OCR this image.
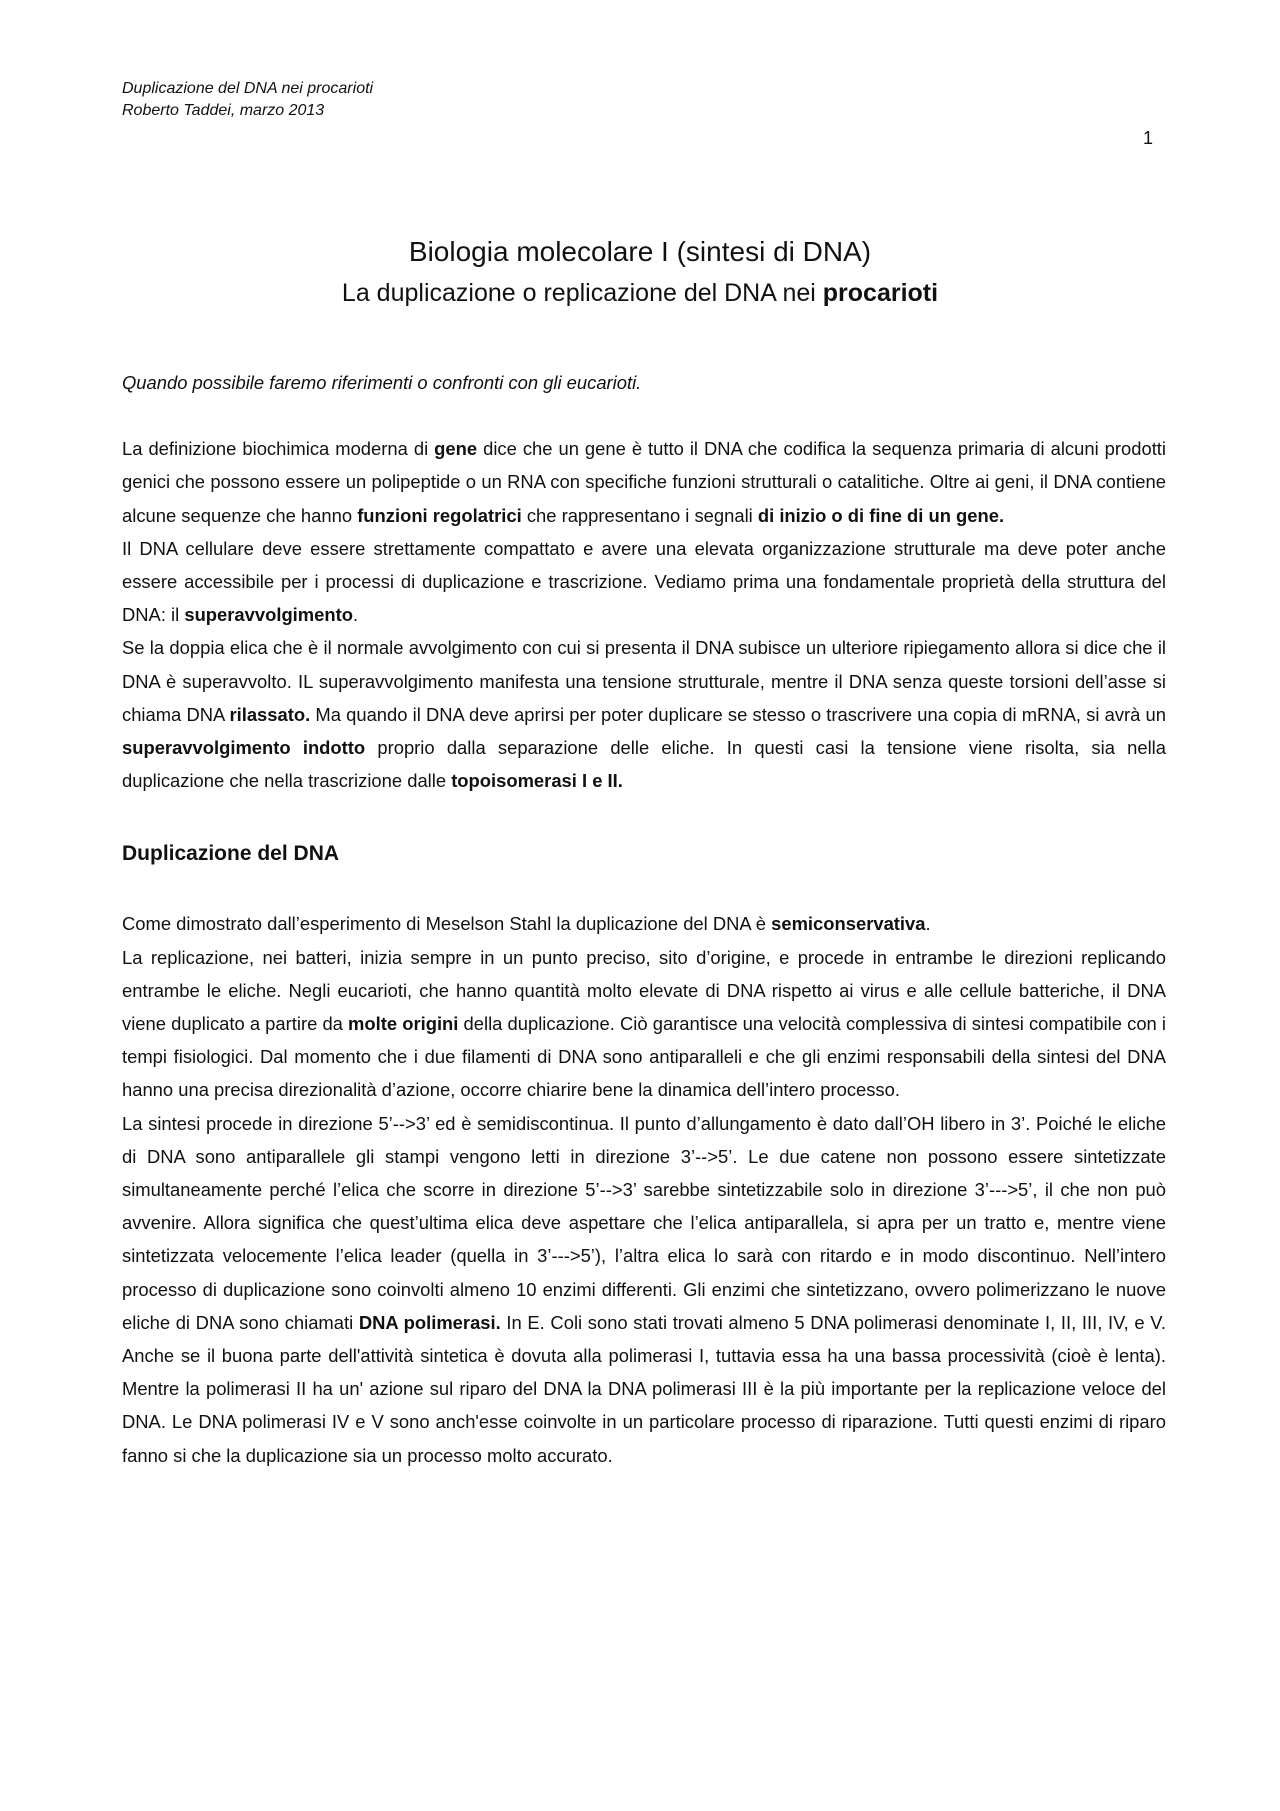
Duplicazione del DNA nei procarioti
Roberto Taddei, marzo 2013
1
Biologia molecolare I (sintesi di DNA)
La duplicazione o replicazione del DNA nei procarioti

Quando possibile faremo riferimenti o confronti con gli eucarioti.

La definizione biochimica moderna di gene dice che un gene è tutto il DNA che codifica la sequenza primaria di alcuni prodotti genici che possono essere un polipeptide o un RNA con specifiche funzioni strutturali o catalitiche. Oltre ai geni, il DNA contiene alcune sequenze che hanno funzioni regolatrici che rappresentano i segnali di inizio o di fine di un gene.

Il DNA cellulare deve essere strettamente compattato e avere una elevata organizzazione strutturale ma deve poter anche essere accessibile per i processi di duplicazione e trascrizione. Vediamo prima una fondamentale proprietà della struttura del DNA: il superavvolgimento.

Se la doppia elica che è il normale avvolgimento con cui si presenta il DNA subisce un ulteriore ripiegamento allora si dice che il DNA è superavvolto. IL superavvolgimento manifesta una tensione strutturale, mentre il DNA senza queste torsioni dell’asse si chiama DNA rilassato. Ma quando il DNA deve aprirsi per poter duplicare se stesso o trascrivere una copia di mRNA, si avrà un superavvolgimento indotto proprio dalla separazione delle eliche. In questi casi la tensione viene risolta, sia nella duplicazione che nella trascrizione dalle topoisomerasi I e II.

Duplicazione del DNA

Come dimostrato dall’esperimento di Meselson Stahl la duplicazione del DNA è semiconservativa.

La replicazione, nei batteri, inizia sempre in un punto preciso, sito d’origine, e procede in entrambe le direzioni replicando entrambe le eliche. Negli eucarioti, che hanno quantità molto elevate di DNA rispetto ai virus e alle cellule batteriche, il DNA viene duplicato a partire da molte origini della duplicazione. Ciò garantisce una velocità complessiva di sintesi compatibile con i tempi fisiologici. Dal momento che i due filamenti di DNA sono antiparalleli e che gli enzimi responsabili della sintesi del DNA hanno una precisa direzionalità d’azione, occorre chiarire bene la dinamica dell’intero processo.

La sintesi procede in direzione 5’-->3’ ed è semidiscontinua. Il punto d’allungamento è dato dall’OH libero in 3’. Poiché le eliche di DNA sono antiparallele gli stampi vengono letti in direzione 3’-->5’. Le due catene non possono essere sintetizzate simultaneamente perché l’elica che scorre in direzione 5’-->3’ sarebbe sintetizzabile solo in direzione 3’--->5’, il che non può avvenire. Allora significa che quest’ultima elica deve aspettare che l’elica antiparallela, si apra per un tratto e, mentre viene sintetizzata velocemente l’elica leader (quella in 3’--->5’), l’altra elica lo sarà con ritardo e in modo discontinuo. Nell’intero processo di duplicazione sono coinvolti almeno 10 enzimi differenti. Gli enzimi che sintetizzano, ovvero polimerizzano le nuove eliche di DNA sono chiamati DNA polimerasi. In E. Coli sono stati trovati almeno 5 DNA polimerasi denominate I, II, III, IV, e V. Anche se il buona parte dell'attività sintetica è dovuta alla polimerasi I, tuttavia essa ha una bassa processività (cioè è lenta). Mentre la polimerasi II ha un' azione sul riparo del DNA la DNA polimerasi III è la più importante per la replicazione veloce del DNA. Le DNA polimerasi IV e V sono anch'esse coinvolte in un particolare processo di riparazione. Tutti questi enzimi di riparo fanno si che la duplicazione sia un processo molto accurato.
